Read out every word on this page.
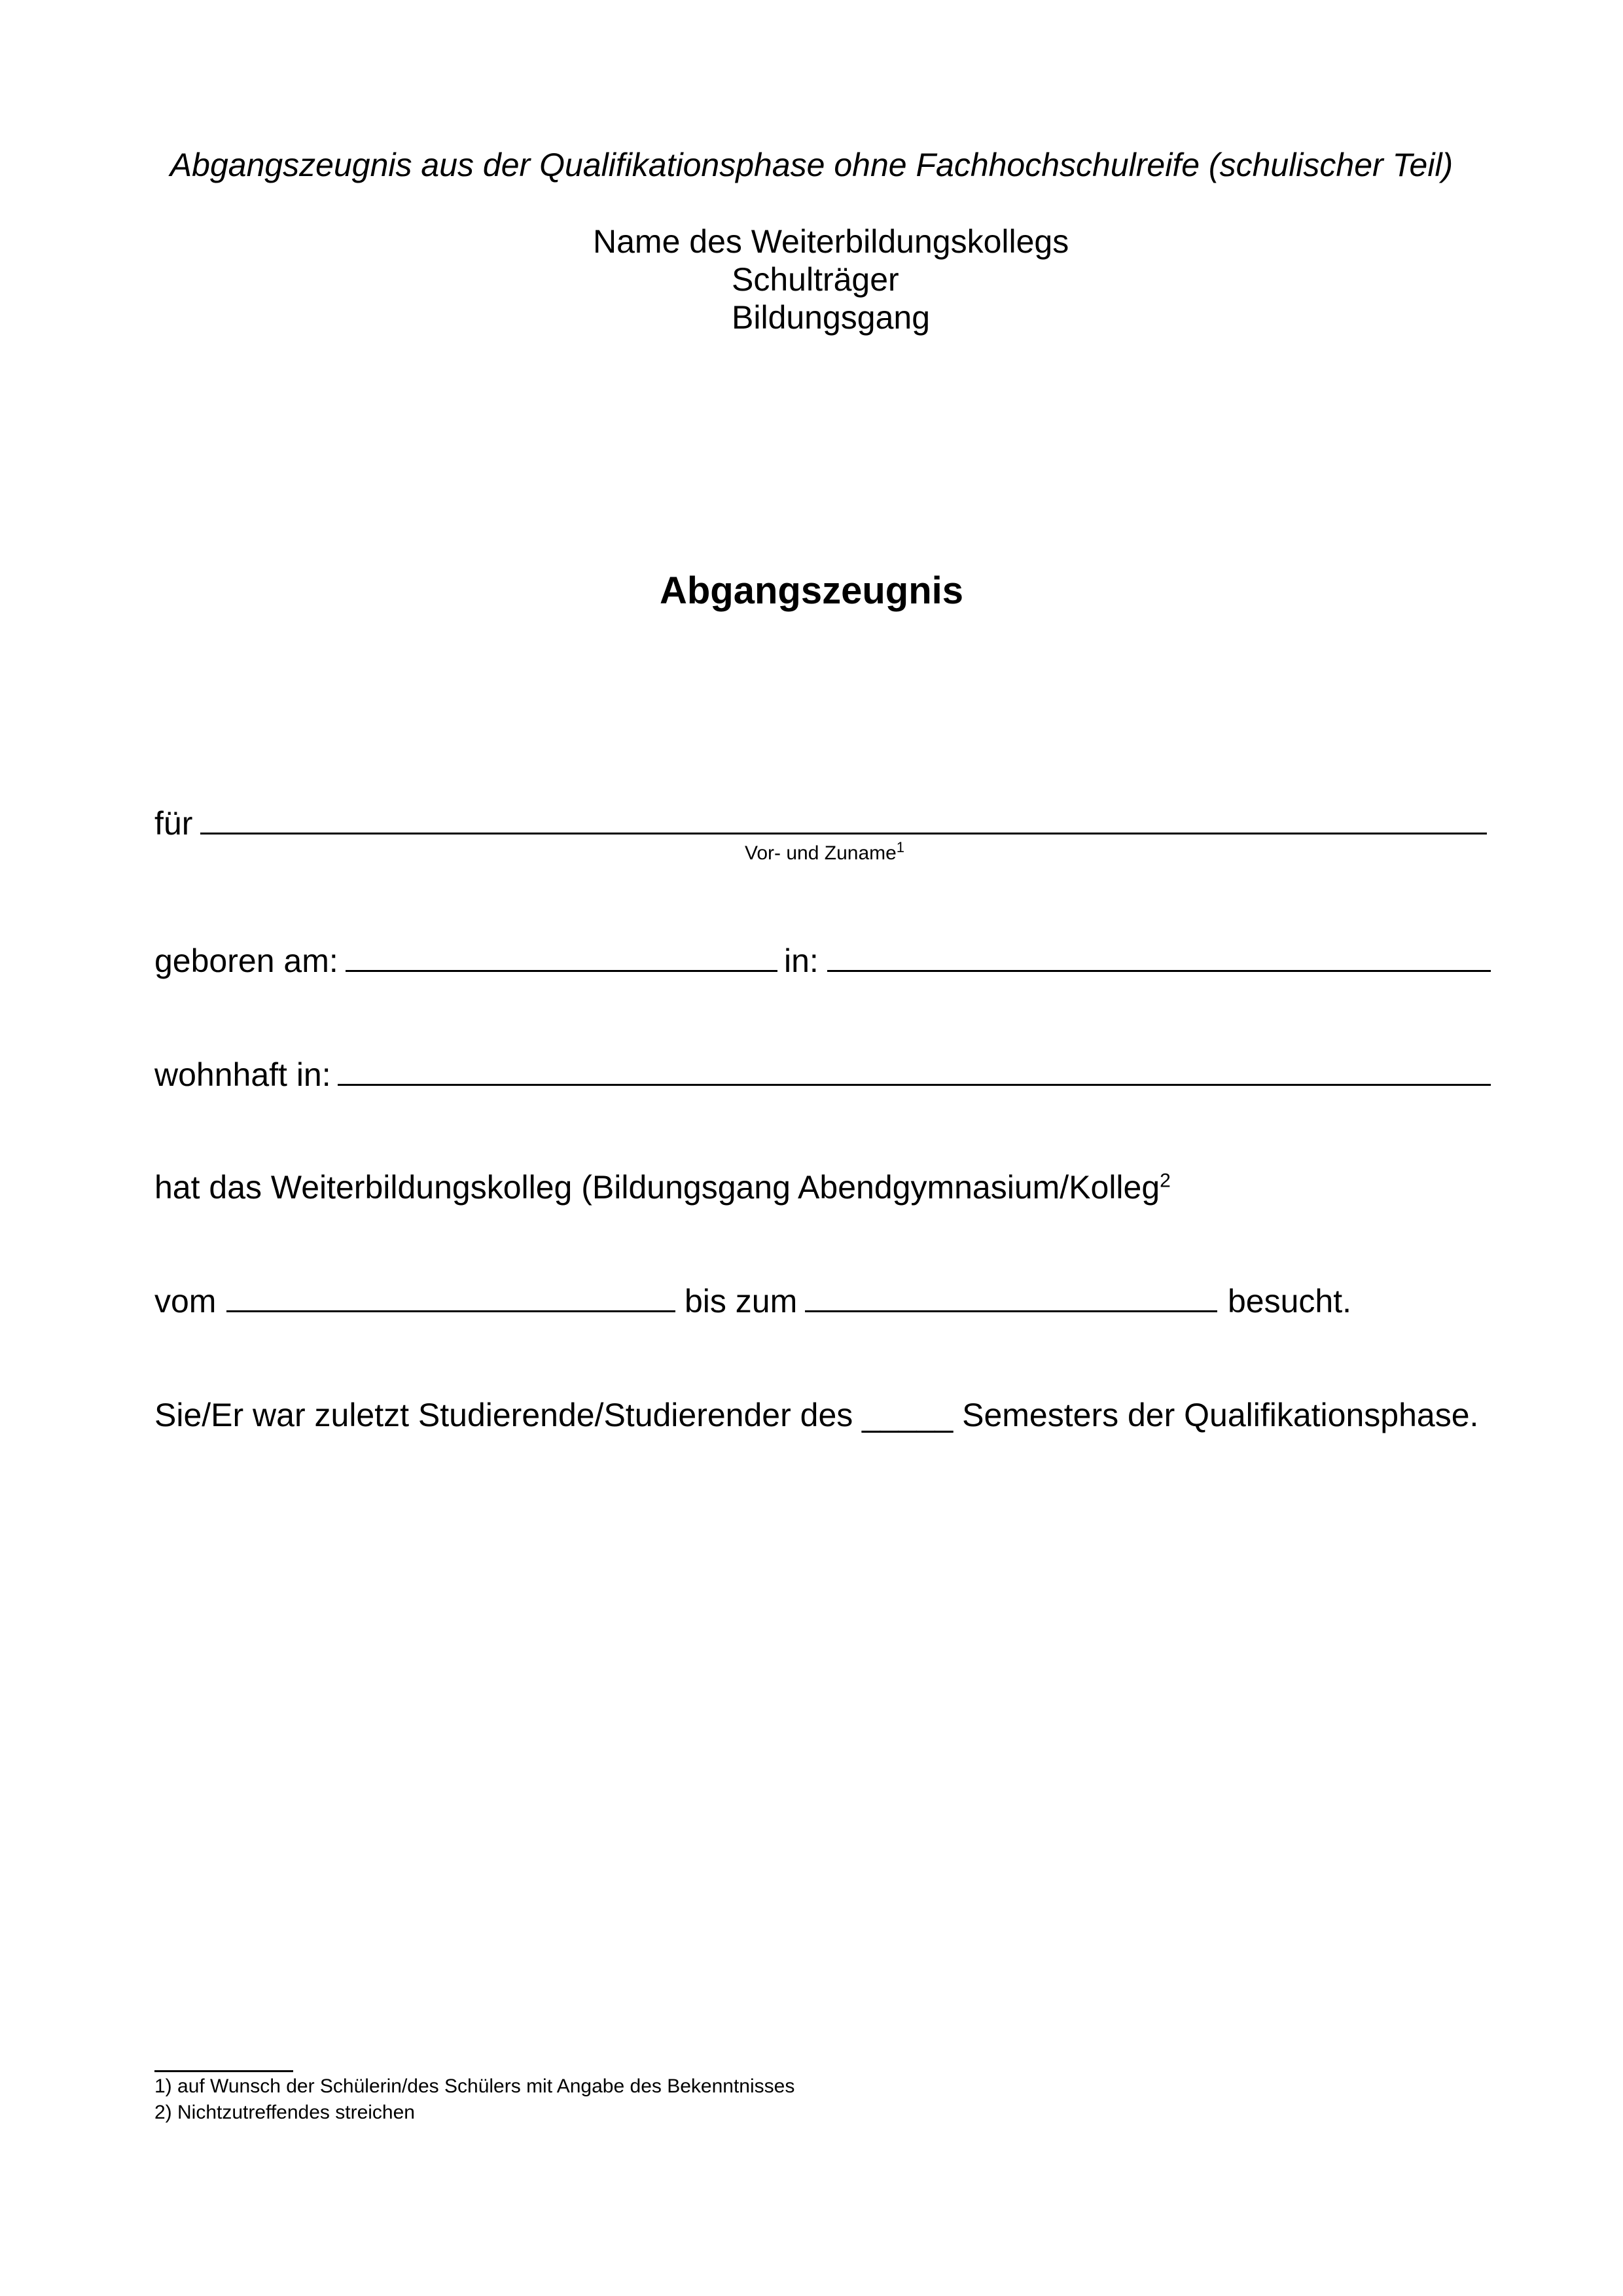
Abgangszeugnis aus der Qualifikationsphase ohne Fachhochschulreife (schulischer Teil)
Name des Weiterbildungskollegs
Schulträger
Bildungsgang
Abgangszeugnis
für
Vor- und Zuname$^1$
geboren am:	in:
wohnhaft in:
hat das Weiterbildungskolleg (Bildungsgang Abendgymnasium/Kolleg$^2$
vom	bis zum	besucht.
Sie/Er war zuletzt Studierende/Studierender des _____ Semesters der Qualifikationsphase.
1) auf Wunsch der Schülerin/des Schülers mit Angabe des Bekenntnisses
2) Nichtzutreffendes streichen
